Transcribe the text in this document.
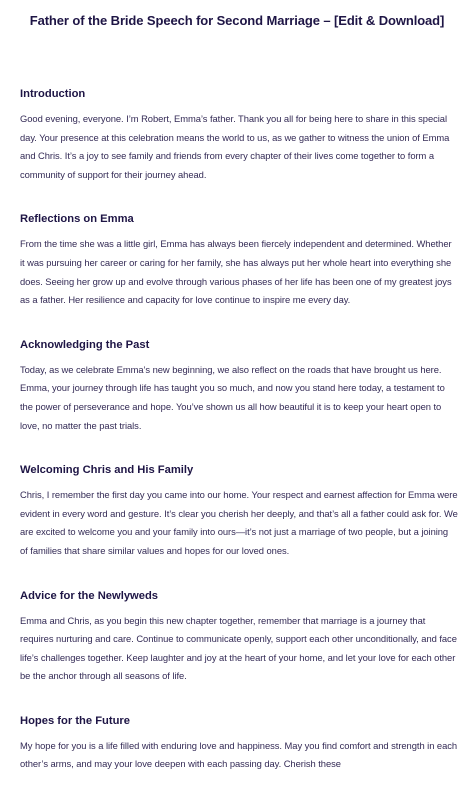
Father of the Bride Speech for Second Marriage – [Edit & Download]
Introduction

Good evening, everyone. I’m Robert, Emma’s father. Thank you all for being here to share in this special day. Your presence at this celebration means the world to us, as we gather to witness the union of Emma and Chris. It’s a joy to see family and friends from every chapter of their lives come together to form a community of support for their journey ahead.

Reflections on Emma

From the time she was a little girl, Emma has always been fiercely independent and determined. Whether it was pursuing her career or caring for her family, she has always put her whole heart into everything she does. Seeing her grow up and evolve through various phases of her life has been one of my greatest joys as a father. Her resilience and capacity for love continue to inspire me every day.

Acknowledging the Past

Today, as we celebrate Emma’s new beginning, we also reflect on the roads that have brought us here. Emma, your journey through life has taught you so much, and now you stand here today, a testament to the power of perseverance and hope. You’ve shown us all how beautiful it is to keep your heart open to love, no matter the past trials.

Welcoming Chris and His Family

Chris, I remember the first day you came into our home. Your respect and earnest affection for Emma were evident in every word and gesture. It’s clear you cherish her deeply, and that’s all a father could ask for. We are excited to welcome you and your family into ours—it’s not just a marriage of two people, but a joining of families that share similar values and hopes for our loved ones.

Advice for the Newlyweds

Emma and Chris, as you begin this new chapter together, remember that marriage is a journey that requires nurturing and care. Continue to communicate openly, support each other unconditionally, and face life’s challenges together. Keep laughter and joy at the heart of your home, and let your love for each other be the anchor through all seasons of life.

Hopes for the Future

My hope for you is a life filled with enduring love and happiness. May you find comfort and strength in each other’s arms, and may your love deepen with each passing day. Cherish these
